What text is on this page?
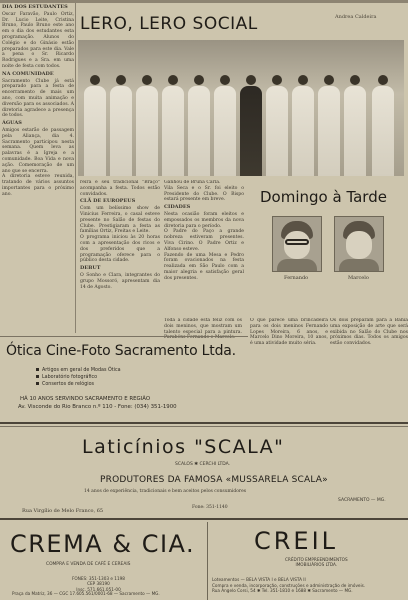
DIA DOS ESTUDANTES
Oscar Faravão, Paulo Ortiz, Dr. Lucio Leite, Cristina Bruno, Paulo Bruno este ano em o dia dos estudantes esta programação. Alunos do Colégio e do Ginásio estão preparados para este dia. Vale a pena o Sr. Ricardo Rodrigues e a Sra. em uma noite de festa com todos.
NA COMUNIDADE
Sacramento Clube já está preparado para a festa de encerramento de mais um ano, com muita animação e diversão para os associados. A diretoria agradece a presença de todos.
ÁGUAS
Amigos estarão de passagem pela Aliança, dia 4. Sacramento participou nesta semana. Quem leva as palavras é a Igreja e a comunidade. Boa Vida e nova ação. Comemoração de um ano que se encerra.
A diretoria esteve reunida, tratando de vários assuntos importantes para o próximo ano.
LERO, LERO SOCIAL	Andrea Caldeira
reira e seu tradicional "Braço" acompanha a festa. Todos estão convidados.
CLÃ DE EUROPEUS
Com um belíssimo show de Vinicius Ferreira, o casal esteve presente no Salão de festas do Clube. Prestigiaram a festa as famílias Ortiz, Freitas e Leite.
O programa iniciou às 20 horas com a apresentação dos ricos e dos preferidos que a programação oferece para o público desta cidade.
DEBUT
O Sonho e Clara, integrantes do grupo Mossoró, apresentam dia 14 de Agosto.
Ganhou de Bruna Carla.
Vila Seca e o Sr. foi eleito o Presidente do Clube. O Bispo estará presente em breve.
CIDADES
Nesta ocasião foram eleitos e empossados os membros da nova diretoria para o período.
O Padre do Paço a grande nobreza estiveram presentes. Viva Cirino. O Padre Ortiz e Alfonso esteve.
Fazendo de uma Mesa e Pedro foram ovacionados na festa realizada em São Paulo com a maior alegria e satisfação geral dos presentes.
Domingo à Tarde
Fernando	Marcelo
O que parece uma brincadeira para os dois meninos Fernando Lopes Moreira, 6 anos, e Marcelo Dino Moreira, 10 anos, é uma atividade muito séria.
Os dois preparam para a Bahia uma exposição de arte que será exibida no Salão do Clube nos próximos dias. Todos os amigos estão convidados.
Toda a cidade está feliz com os dois meninos, que mostram um talento especial para a pintura.
Ótica Cine-Foto Sacramento Ltda.
Artigos em geral de Modas Ótica
Laboratório fotográfico
Consertos de relógios
HÁ 10 ANOS SERVINDO SACRAMENTO E REGIÃO
Av. Visconde do Rio Branco n.º 110 - Fone: (034) 351-1900
Laticínios "SCALA"
SCALOS ✱ CERCHI LTDA.
PRODUTORES DA FAMOSA «MUSSARELA SCALA»
14 anos de experiência, tradicionais e bem aceitos pelos consumidores
SACRAMENTO — MG.
Rua Virgílio de Melo Franco, 65
Fone: 351-1140
CREMA & CIA.
COMPRA E VENDA DE CAFÉ E CEREAIS
FONES: 351-1303 e 1198
CEP 38190
Insc. 571.661.051-00
Praça da Matriz, 36 — CGC 17.605.561/0001-68 — Sacramento — MG.
CREIL
CRÉDITO EMPREENDIMENTOS
IMOBILIÁRIOS LTDA.
Loteamentos — BELA VISTA I e BELA VISTA II
Compra e venda, incorporação, construções e administração de imóveis.
Rua Angelo Corsi, 54 ✱ Tel. 351-1810 e 1688 ✱ Sacramento — MG.
